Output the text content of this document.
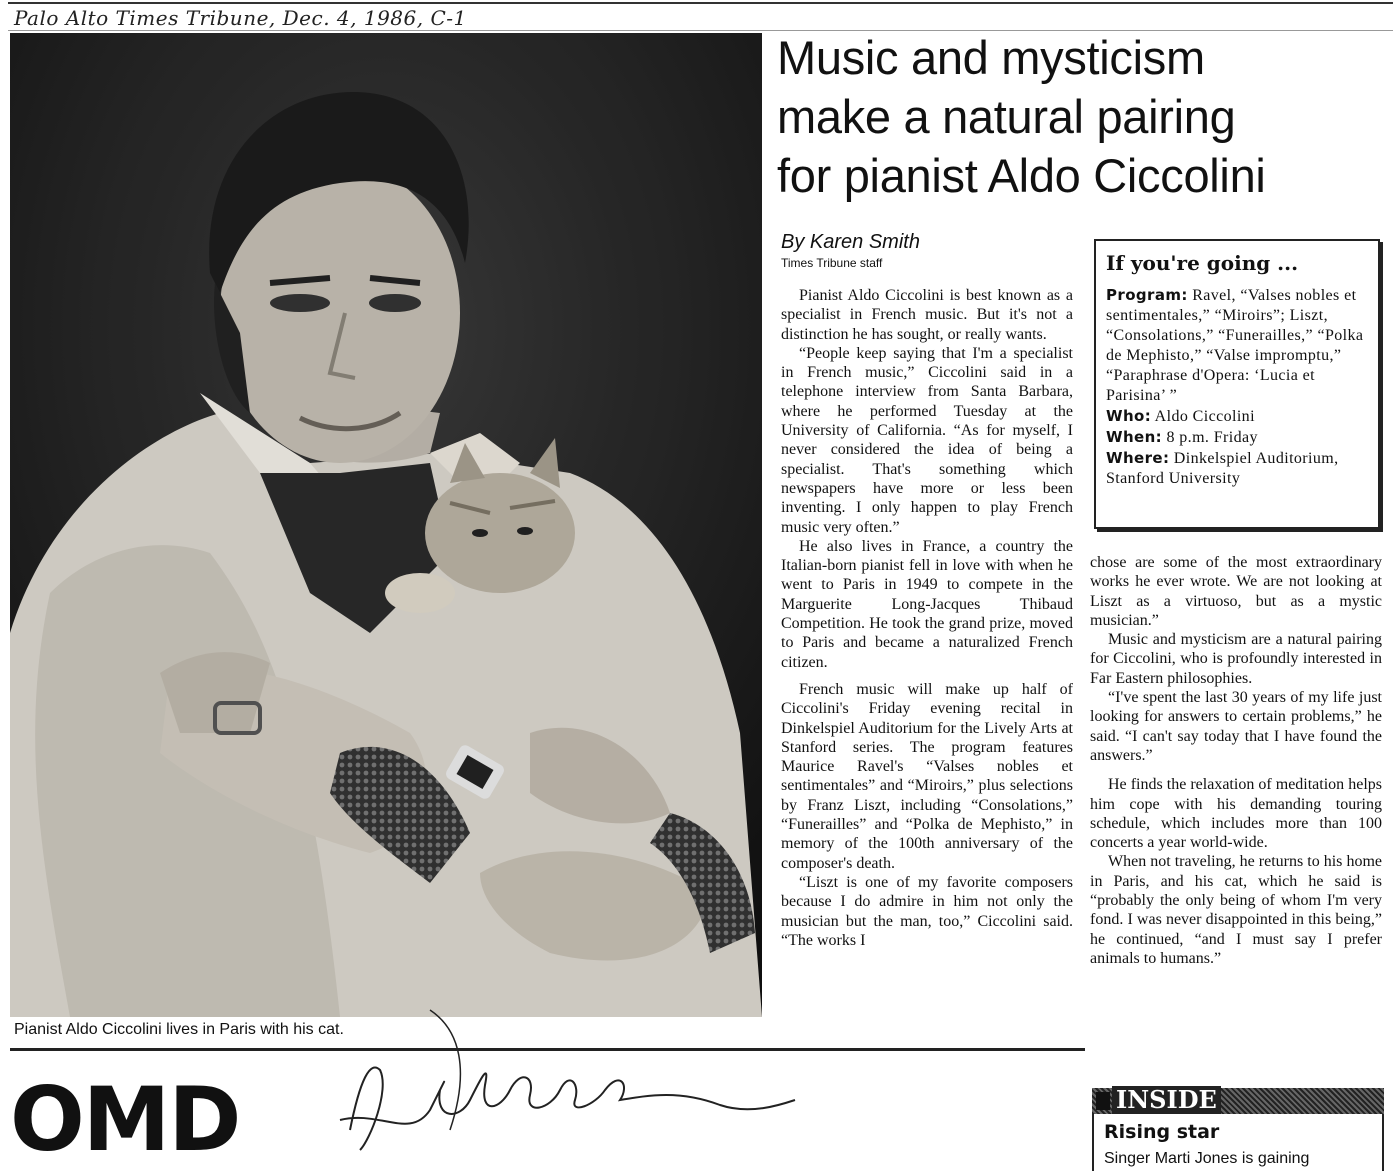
Palo Alto Times Tribune, Dec. 4, 1986, C-1
Pianist Aldo Ciccolini lives in Paris with his cat.
Music and mysticism
make a natural pairing
for pianist Aldo Ciccolini
By Karen Smith
Times Tribune staff

Pianist Aldo Ciccolini is best known as a specialist in French music. But it's not a distinction he has sought, or really wants.

“People keep saying that I'm a specialist in French music,” Ciccolini said in a telephone interview from Santa Barbara, where he performed Tuesday at the University of California. “As for myself, I never considered the idea of being a specialist. That's something which newspapers have more or less been inventing. I only happen to play French music very often.”

He also lives in France, a country the Italian-born pianist fell in love with when he went to Paris in 1949 to compete in the Marguerite Long-Jacques Thibaud Competition. He took the grand prize, moved to Paris and became a naturalized French citizen.

French music will make up half of Ciccolini's Friday evening recital in Dinkelspiel Auditorium for the Lively Arts at Stanford series. The program features Maurice Ravel's “Valses nobles et sentimentales” and “Miroirs,” plus selections by Franz Liszt, including “Consolations,” “Funerailles” and “Polka de Mephisto,” in memory of the 100th anniversary of the composer's death.

“Liszt is one of my favorite composers because I do admire in him not only the musician but the man, too,” Ciccolini said. “The works I

If you're going ...
Program: Ravel, “Valses nobles et sentimentales,” “Miroirs”; Liszt, “Consolations,” “Funerailles,” “Polka de Mephisto,” “Valse impromptu,” “Paraphrase d'Opera: ‘Lucia et Parisina’ ”
Who: Aldo Ciccolini
When: 8 p.m. Friday
Where: Dinkelspiel Auditorium, Stanford University

chose are some of the most extraordinary works he ever wrote. We are not looking at Liszt as a virtuoso, but as a mystic musician.”

Music and mysticism are a natural pairing for Ciccolini, who is profoundly interested in Far Eastern philosophies.

“I've spent the last 30 years of my life just looking for answers to certain problems,” he said. “I can't say today that I have found the answers.”

He finds the relaxation of meditation helps him cope with his demanding touring schedule, which includes more than 100 concerts a year world-wide.

When not traveling, he returns to his home in Paris, and his cat, which he said is “probably the only being of whom I'm very fond. I was never disappointed in this being,” he continued, “and I must say I prefer animals to humans.”

OMD	INSIDE
Rising star
Singer Marti Jones is gaining
